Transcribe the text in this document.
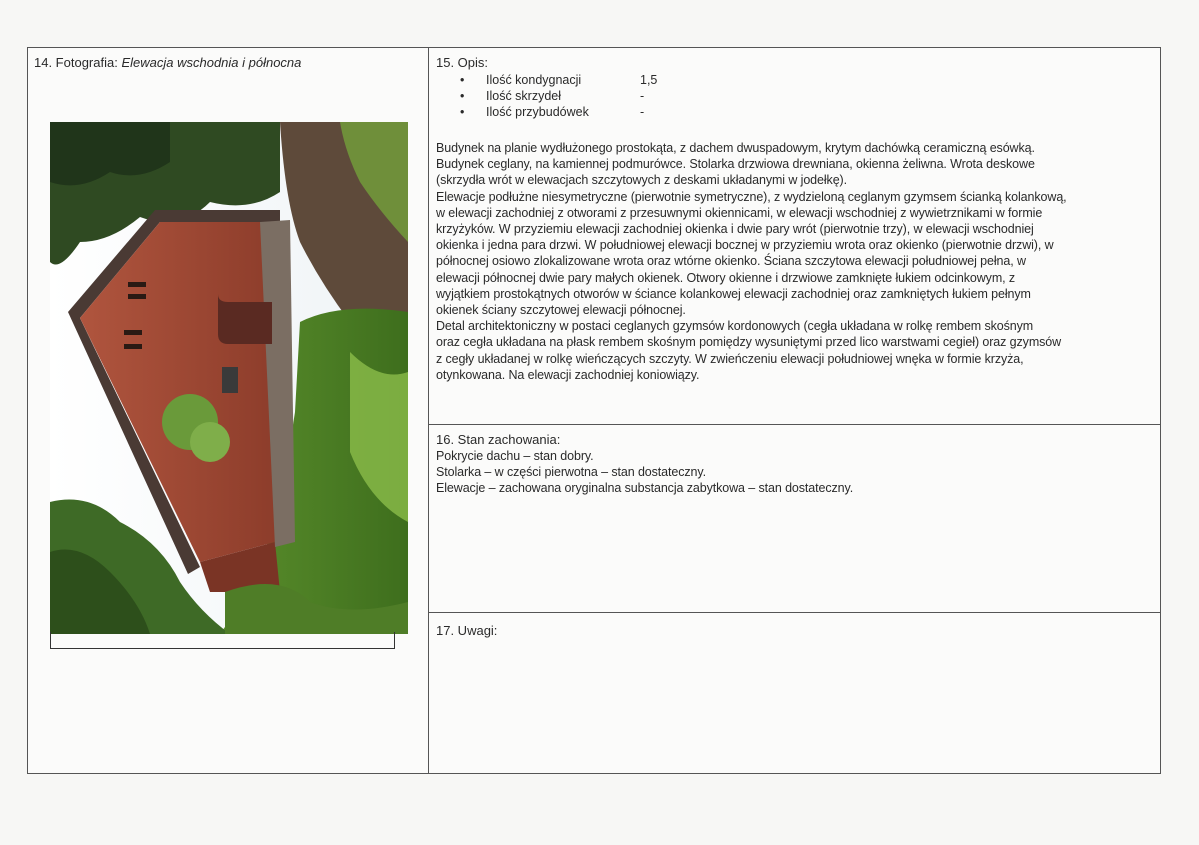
14. Fotografia: Elewacja wschodnia i północna	15. Opis:
•	Ilość kondygnacji	1,5
•	Ilość skrzydeł	-
•	Ilość przybudówek	-
Budynek na planie wydłużonego prostokąta, z dachem dwuspadowym, krytym dachówką ceramiczną esówką.
Budynek ceglany, na kamiennej podmurówce. Stolarka drzwiowa drewniana, okienna żeliwna. Wrota deskowe
(skrzydła wrót w elewacjach szczytowych z deskami układanymi w jodełkę).
Elewacje podłużne niesymetryczne (pierwotnie symetryczne), z wydzieloną ceglanym gzymsem ścianką kolankową,
w elewacji zachodniej z otworami z przesuwnymi okiennicami, w elewacji wschodniej z wywietrznikami w formie
krzyżyków. W przyziemiu elewacji zachodniej okienka i dwie pary wrót (pierwotnie trzy), w elewacji wschodniej
okienka i jedna para drzwi. W południowej elewacji bocznej w przyziemiu wrota oraz okienko (pierwotnie drzwi), w
północnej osiowo zlokalizowane wrota oraz wtórne okienko. Ściana szczytowa elewacji południowej pełna, w
elewacji północnej dwie pary małych okienek. Otwory okienne i drzwiowe zamknięte łukiem odcinkowym, z
wyjątkiem prostokątnych otworów w ściance kolankowej elewacji zachodniej oraz zamkniętych łukiem pełnym
okienek ściany szczytowej elewacji północnej.
Detal architektoniczny w postaci ceglanych gzymsów kordonowych (cegła układana w rolkę rembem skośnym
oraz cegła układana na płask rembem skośnym pomiędzy wysuniętymi przed lico warstwami cegieł) oraz gzymsów
z cegły układanej w rolkę wieńczących szczyty. W zwieńczeniu elewacji południowej wnęka w formie krzyża,
otynkowana. Na elewacji zachodniej koniowiązy.
16. Stan zachowania:
Pokrycie dachu – stan dobry.
Stolarka – w części pierwotna – stan dostateczny.
Elewacje – zachowana oryginalna substancja zabytkowa – stan dostateczny.
17. Uwagi:
